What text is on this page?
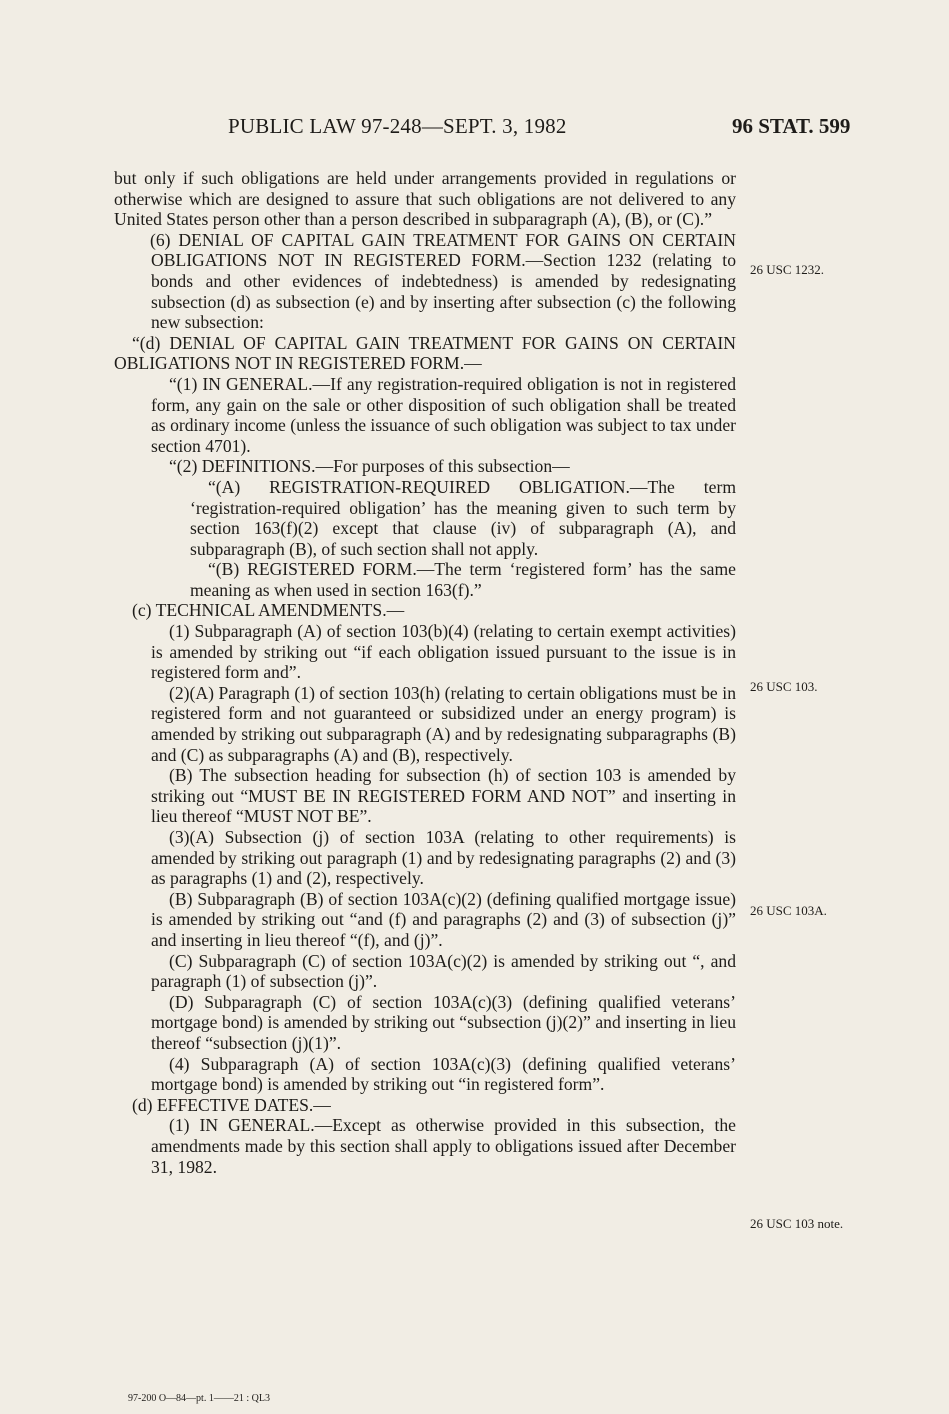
PUBLIC LAW 97-248—SEPT. 3, 1982	96 STAT. 599

but only if such obligations are held under arrangements provided in regulations or otherwise which are designed to assure that such obligations are not delivered to any United States person other than a person described in subparagraph (A), (B), or (C).”

(6) DENIAL OF CAPITAL GAIN TREATMENT FOR GAINS ON CERTAIN OBLIGATIONS NOT IN REGISTERED FORM.—Section 1232 (relating to bonds and other evidences of indebtedness) is amended by redesignating subsection (d) as subsection (e) and by inserting after subsection (c) the following new subsection:

“(d) DENIAL OF CAPITAL GAIN TREATMENT FOR GAINS ON CERTAIN OBLIGATIONS NOT IN REGISTERED FORM.—

“(1) IN GENERAL.—If any registration-required obligation is not in registered form, any gain on the sale or other disposition of such obligation shall be treated as ordinary income (unless the issuance of such obligation was subject to tax under section 4701).

“(2) DEFINITIONS.—For purposes of this subsection—

“(A) REGISTRATION-REQUIRED OBLIGATION.—The term ‘registration-required obligation’ has the meaning given to such term by section 163(f)(2) except that clause (iv) of subparagraph (A), and subparagraph (B), of such section shall not apply.

“(B) REGISTERED FORM.—The term ‘registered form’ has the same meaning as when used in section 163(f).”

(c) TECHNICAL AMENDMENTS.—

(1) Subparagraph (A) of section 103(b)(4) (relating to certain exempt activities) is amended by striking out “if each obligation issued pursuant to the issue is in registered form and”.

(2)(A) Paragraph (1) of section 103(h) (relating to certain obligations must be in registered form and not guaranteed or subsidized under an energy program) is amended by striking out subparagraph (A) and by redesignating subparagraphs (B) and (C) as subparagraphs (A) and (B), respectively.

(B) The subsection heading for subsection (h) of section 103 is amended by striking out “MUST BE IN REGISTERED FORM AND NOT” and inserting in lieu thereof “MUST NOT BE”.

(3)(A) Subsection (j) of section 103A (relating to other requirements) is amended by striking out paragraph (1) and by redesignating paragraphs (2) and (3) as paragraphs (1) and (2), respectively.

(B) Subparagraph (B) of section 103A(c)(2) (defining qualified mortgage issue) is amended by striking out “and (f) and paragraphs (2) and (3) of subsection (j)” and inserting in lieu thereof “(f), and (j)”.

(C) Subparagraph (C) of section 103A(c)(2) is amended by striking out “, and paragraph (1) of subsection (j)”.

(D) Subparagraph (C) of section 103A(c)(3) (defining qualified veterans’ mortgage bond) is amended by striking out “subsection (j)(2)” and inserting in lieu thereof “subsection (j)(1)”.

(4) Subparagraph (A) of section 103A(c)(3) (defining qualified veterans’ mortgage bond) is amended by striking out “in registered form”.

(d) EFFECTIVE DATES.—

(1) IN GENERAL.—Except as otherwise provided in this subsection, the amendments made by this section shall apply to obligations issued after December 31, 1982.

26 USC 1232.
26 USC 103.
26 USC 103A.
26 USC 103 note.
97-200 O—84—pt. 1——21 : QL3
